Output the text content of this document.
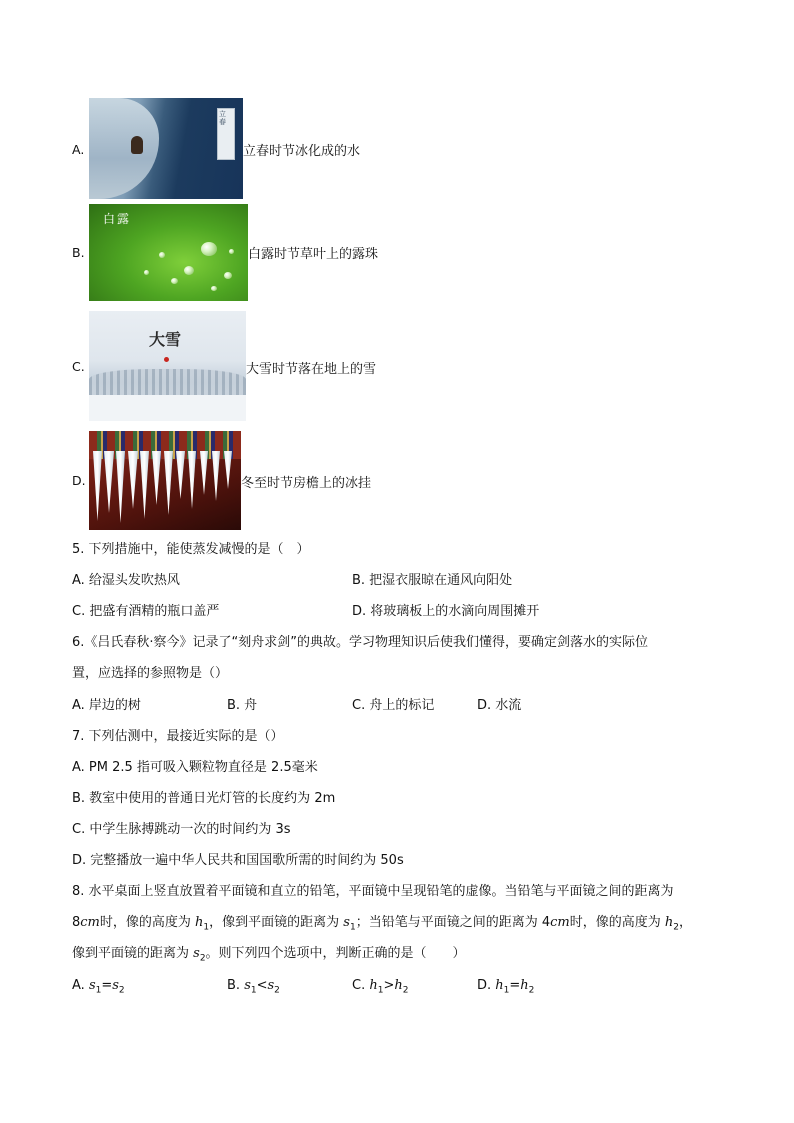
A.
立春
立春时节冰化成的水
B.
白露
白露时节草叶上的露珠
C.
大雪
大雪时节落在地上的雪
D.	冬至时节房檐上的冰挂
5. 下列措施中，能使蒸发减慢的是（　）
A. 给湿头发吹热风	B. 把湿衣服晾在通风向阳处
C. 把盛有酒精的瓶口盖严	D. 将玻璃板上的水滴向周围摊开
6.《吕氏春秋·察今》记录了“刻舟求剑”的典故。学习物理知识后使我们懂得，要确定剑落水的实际位
置，应选择的参照物是（）
A. 岸边的树	B. 舟	C. 舟上的标记	D. 水流
7. 下列估测中，最接近实际的是（）
A. PM 2.5 指可吸入颗粒物直径是 2.5毫米
B. 教室中使用的普通日光灯管的长度约为 2m
C. 中学生脉搏跳动一次的时间约为 3s
D. 完整播放一遍中华人民共和国国歌所需的时间约为 50s
8. 水平桌面上竖直放置着平面镜和直立的铅笔，平面镜中呈现铅笔的虚像。当铅笔与平面镜之间的距离为
8cm时，像的高度为 $h_1$，像到平面镜的距离为 $s_1$；当铅笔与平面镜之间的距离为 4cm时，像的高度为 $h_2$，
像到平面镜的距离为 $s_2$。则下列四个选项中，判断正确的是（　　）
A. $s_1=s_2$	B. $s_1<s_2$	C. $h_1>h_2$	D. $h_1=h_2$
